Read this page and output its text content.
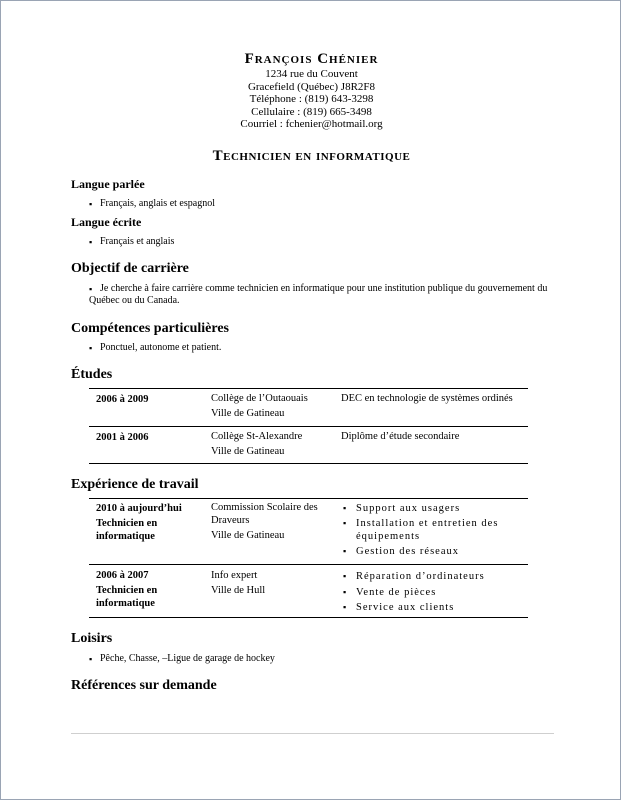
François Chénier
1234 rue du Couvent
Gracefield (Québec) J8R2F8
Téléphone : (819) 643-3298
Cellulaire : (819) 665-3498
Courriel : fchenier@hotmail.org
Technicien en informatique
Langue parlée
▪ Français, anglais et espagnol
Langue écrite
▪ Français et anglais
Objectif de carrière
▪ Je cherche à faire carrière comme technicien en informatique pour une institution publique du gouvernement du Québec ou du Canada.
Compétences particulières
▪ Ponctuel, autonome et patient.
Études
2006 à 2009	Collège de l’Outaouais
Ville de Gatineau
DEC en technologie de systèmes ordinés
2001 à 2006	Collège St-Alexandre
Ville de Gatineau
Diplôme d’étude secondaire
Expérience de travail
2010 à aujourd’hui
Technicien en
informatique
Commission Scolaire des
Draveurs
Ville de Gatineau
▪ Support aux usagers
▪ Installation et entretien des équipements
▪ Gestion des réseaux
2006 à 2007
Technicien en
informatique
Info expert
Ville de Hull
▪ Réparation d’ordinateurs
▪ Vente de pièces
▪ Service aux clients
Loisirs
▪ Pêche, Chasse, –Ligue de garage de hockey
Références sur demande
